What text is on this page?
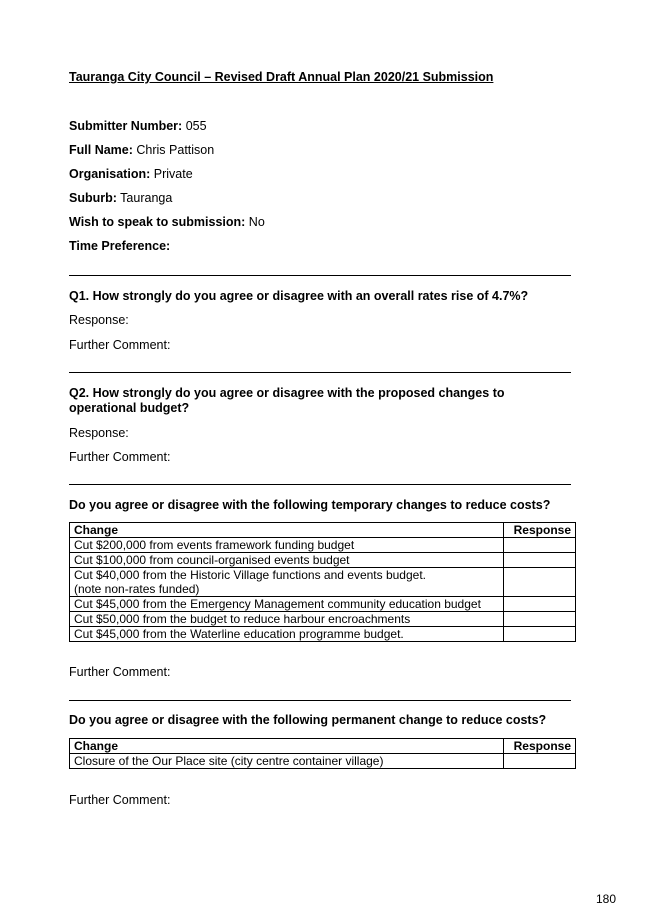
Tauranga City Council – Revised Draft Annual Plan 2020/21 Submission
Submitter Number: 055
Full Name: Chris Pattison
Organisation: Private
Suburb: Tauranga
Wish to speak to submission: No
Time Preference:
Q1. How strongly do you agree or disagree with an overall rates rise of 4.7%?
Response:
Further Comment:
Q2. How strongly do you agree or disagree with the proposed changes to operational budget?
Response:
Further Comment:
Do you agree or disagree with the following temporary changes to reduce costs?
Change	Response
Cut $200,000 from events framework funding budget	
Cut $100,000 from council-organised events budget	
Cut $40,000 from the Historic Village functions and events budget.
(note non-rates funded)	
Cut $45,000 from the Emergency Management community education budget	
Cut $50,000 from the budget to reduce harbour encroachments	
Cut $45,000 from the Waterline education programme budget.	
Further Comment:
Do you agree or disagree with the following permanent change to reduce costs?
Change	Response
Closure of the Our Place site (city centre container village)	
Further Comment:
180
